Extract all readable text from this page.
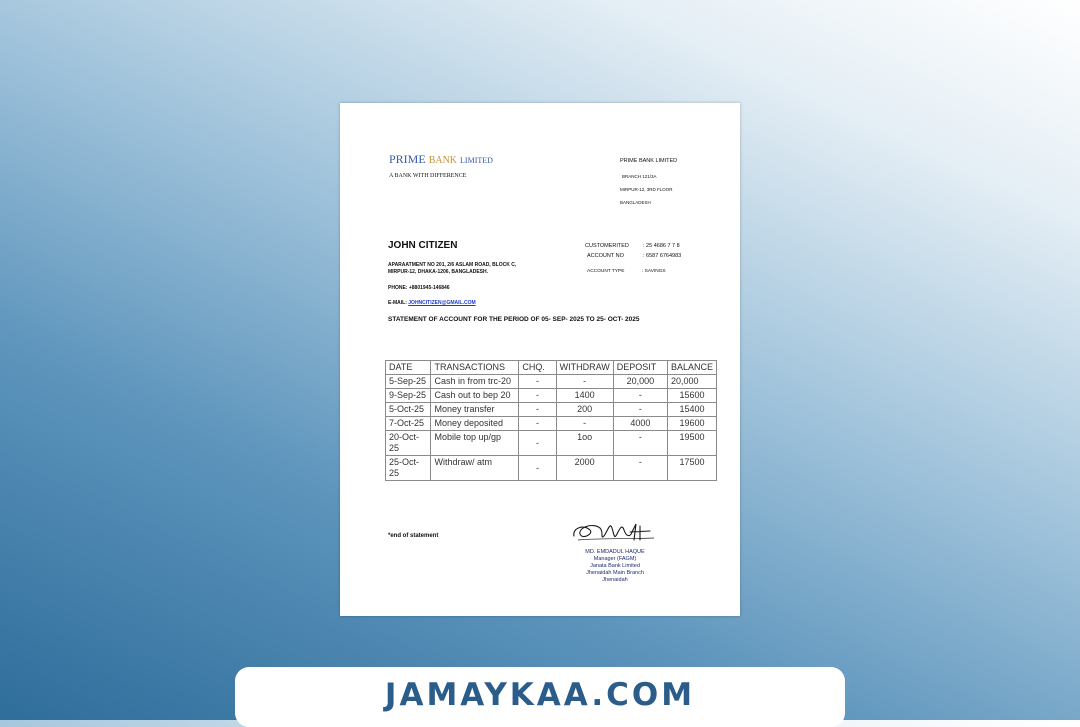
PRIME BANK LIMITED
A BANK WITH DIFFERENCE
PRIME BANK LIMITED
BRANCH 121/3A
MIRPUR-12, 3RD FLOOR
BANGLADESH
JOHN CITIZEN
APARAATMENT NO 201, 2/6 ASLAM ROAD, BLOCK C,
MIRPUR-12, DHAKA-1206, BANGLADESH.
PHONE: +8801945-146846
E-MAIL: JOHNCITIZEN@GMAIL.COM
CUSTOMERITED	: 25 4686 7 7 8
ACCOUNT NO	: 6587 6764983
ACCOUNT TYPE	: SAVINGS
STATEMENT OF ACCOUNT FOR THE PERIOD OF 05- SEP- 2025 TO 25- OCT- 2025
DATE	TRANSACTIONS	CHQ.	WITHDRAW	DEPOSIT	BALANCE
5-Sep-25	Cash in from trc-20	-	-	20,000	20,000
9-Sep-25	Cash out to bep 20	-	1400	-	15600
5-Oct-25	Money transfer	-	200	-	15400
7-Oct-25	Money deposited	-	-	4000	19600
20-Oct-25	Mobile top up/gp	-	1oo	-	19500
25-Oct-25	Withdraw/ atm	-	2000	-	17500
*end of statement
MD. EMDADUL HAQUE
Manager (FAGM)
Janata Bank Limited
Jhenaidah Main Branch
Jhenaidah
JAMAYKAA.COM
